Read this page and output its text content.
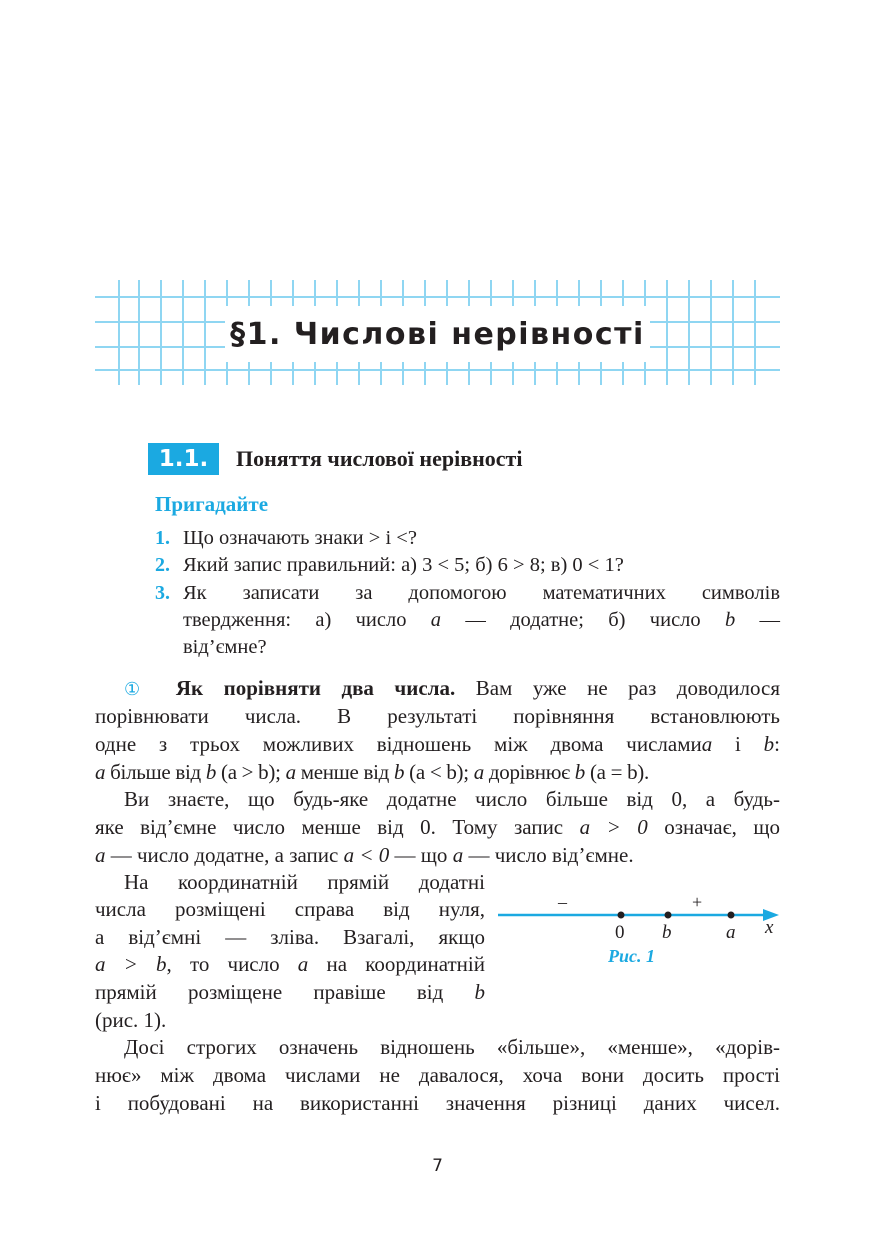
§1. Числові нерівності
1.1.	Поняття числової нерівності
Пригадайте
1. Що означають знаки > і <?
2. Який запис правильний: а) 3 < 5; б) 6 > 8; в) 0 < 1?
3. Як записати за допомогою математичних символів
твердження: а) число a — додатне; б) число b —
від’ємне?
① Як порівняти два числа. Вам уже не раз доводилося
порівнювати числа. В результаті порівняння встановлюють
одне з трьох можливих відношень між двома числамиa і b:
a більше від b (a > b); a менше від b (a < b); a дорівнює b (a = b).
Ви знаєте, що будь-яке додатне число більше від 0, а будь-
яке від’ємне число менше від 0. Тому запис a > 0 означає, що
a — число додатне, а запис a < 0 — що a — число від’ємне.
На координатній прямій додатні
числа розміщені справа від нуля,
а від’ємні — зліва. Взагалі, якщо
a > b, то число a на координатній
прямій розміщене правіше від b
(рис. 1).
–	+
0 b	a x
Рис. 1
Досі строгих означень відношень «більше», «менше», «дорів-
нює» між двома числами не давалося, хоча вони досить прості
і побудовані на використанні значення різниці даних чисел.
7
